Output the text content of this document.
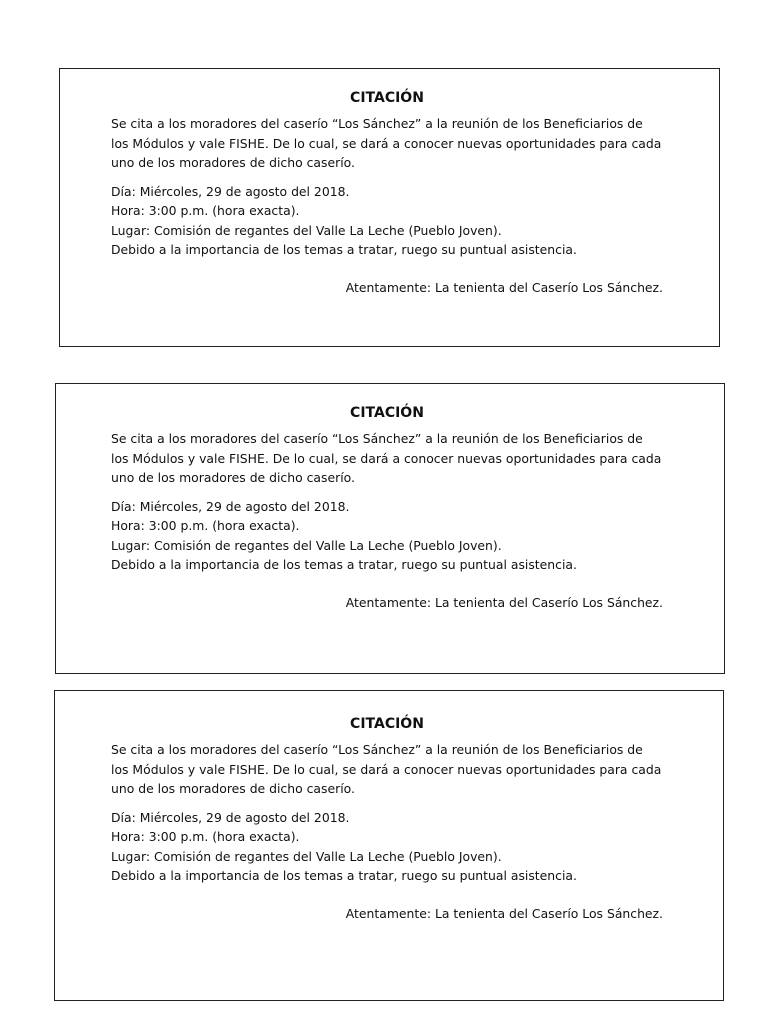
CITACIÓN
Se cita a los moradores del caserío “Los Sánchez” a la reunión de los Beneficiarios de los Módulos y vale FISHE. De lo cual, se dará a conocer nuevas oportunidades para cada uno de los moradores de dicho caserío.
Día: Miércoles, 29 de agosto del 2018.
Hora: 3:00 p.m. (hora exacta).
Lugar: Comisión de regantes del Valle La Leche (Pueblo Joven).
Debido a la importancia de los temas a tratar, ruego su puntual asistencia.
Atentamente: La tenienta del Caserío Los Sánchez.
CITACIÓN
Se cita a los moradores del caserío “Los Sánchez” a la reunión de los Beneficiarios de los Módulos y vale FISHE. De lo cual, se dará a conocer nuevas oportunidades para cada uno de los moradores de dicho caserío.
Día: Miércoles, 29 de agosto del 2018.
Hora: 3:00 p.m. (hora exacta).
Lugar: Comisión de regantes del Valle La Leche (Pueblo Joven).
Debido a la importancia de los temas a tratar, ruego su puntual asistencia.
Atentamente: La tenienta del Caserío Los Sánchez.
CITACIÓN
Se cita a los moradores del caserío “Los Sánchez” a la reunión de los Beneficiarios de los Módulos y vale FISHE. De lo cual, se dará a conocer nuevas oportunidades para cada uno de los moradores de dicho caserío.
Día: Miércoles, 29 de agosto del 2018.
Hora: 3:00 p.m. (hora exacta).
Lugar: Comisión de regantes del Valle La Leche (Pueblo Joven).
Debido a la importancia de los temas a tratar, ruego su puntual asistencia.
Atentamente: La tenienta del Caserío Los Sánchez.
